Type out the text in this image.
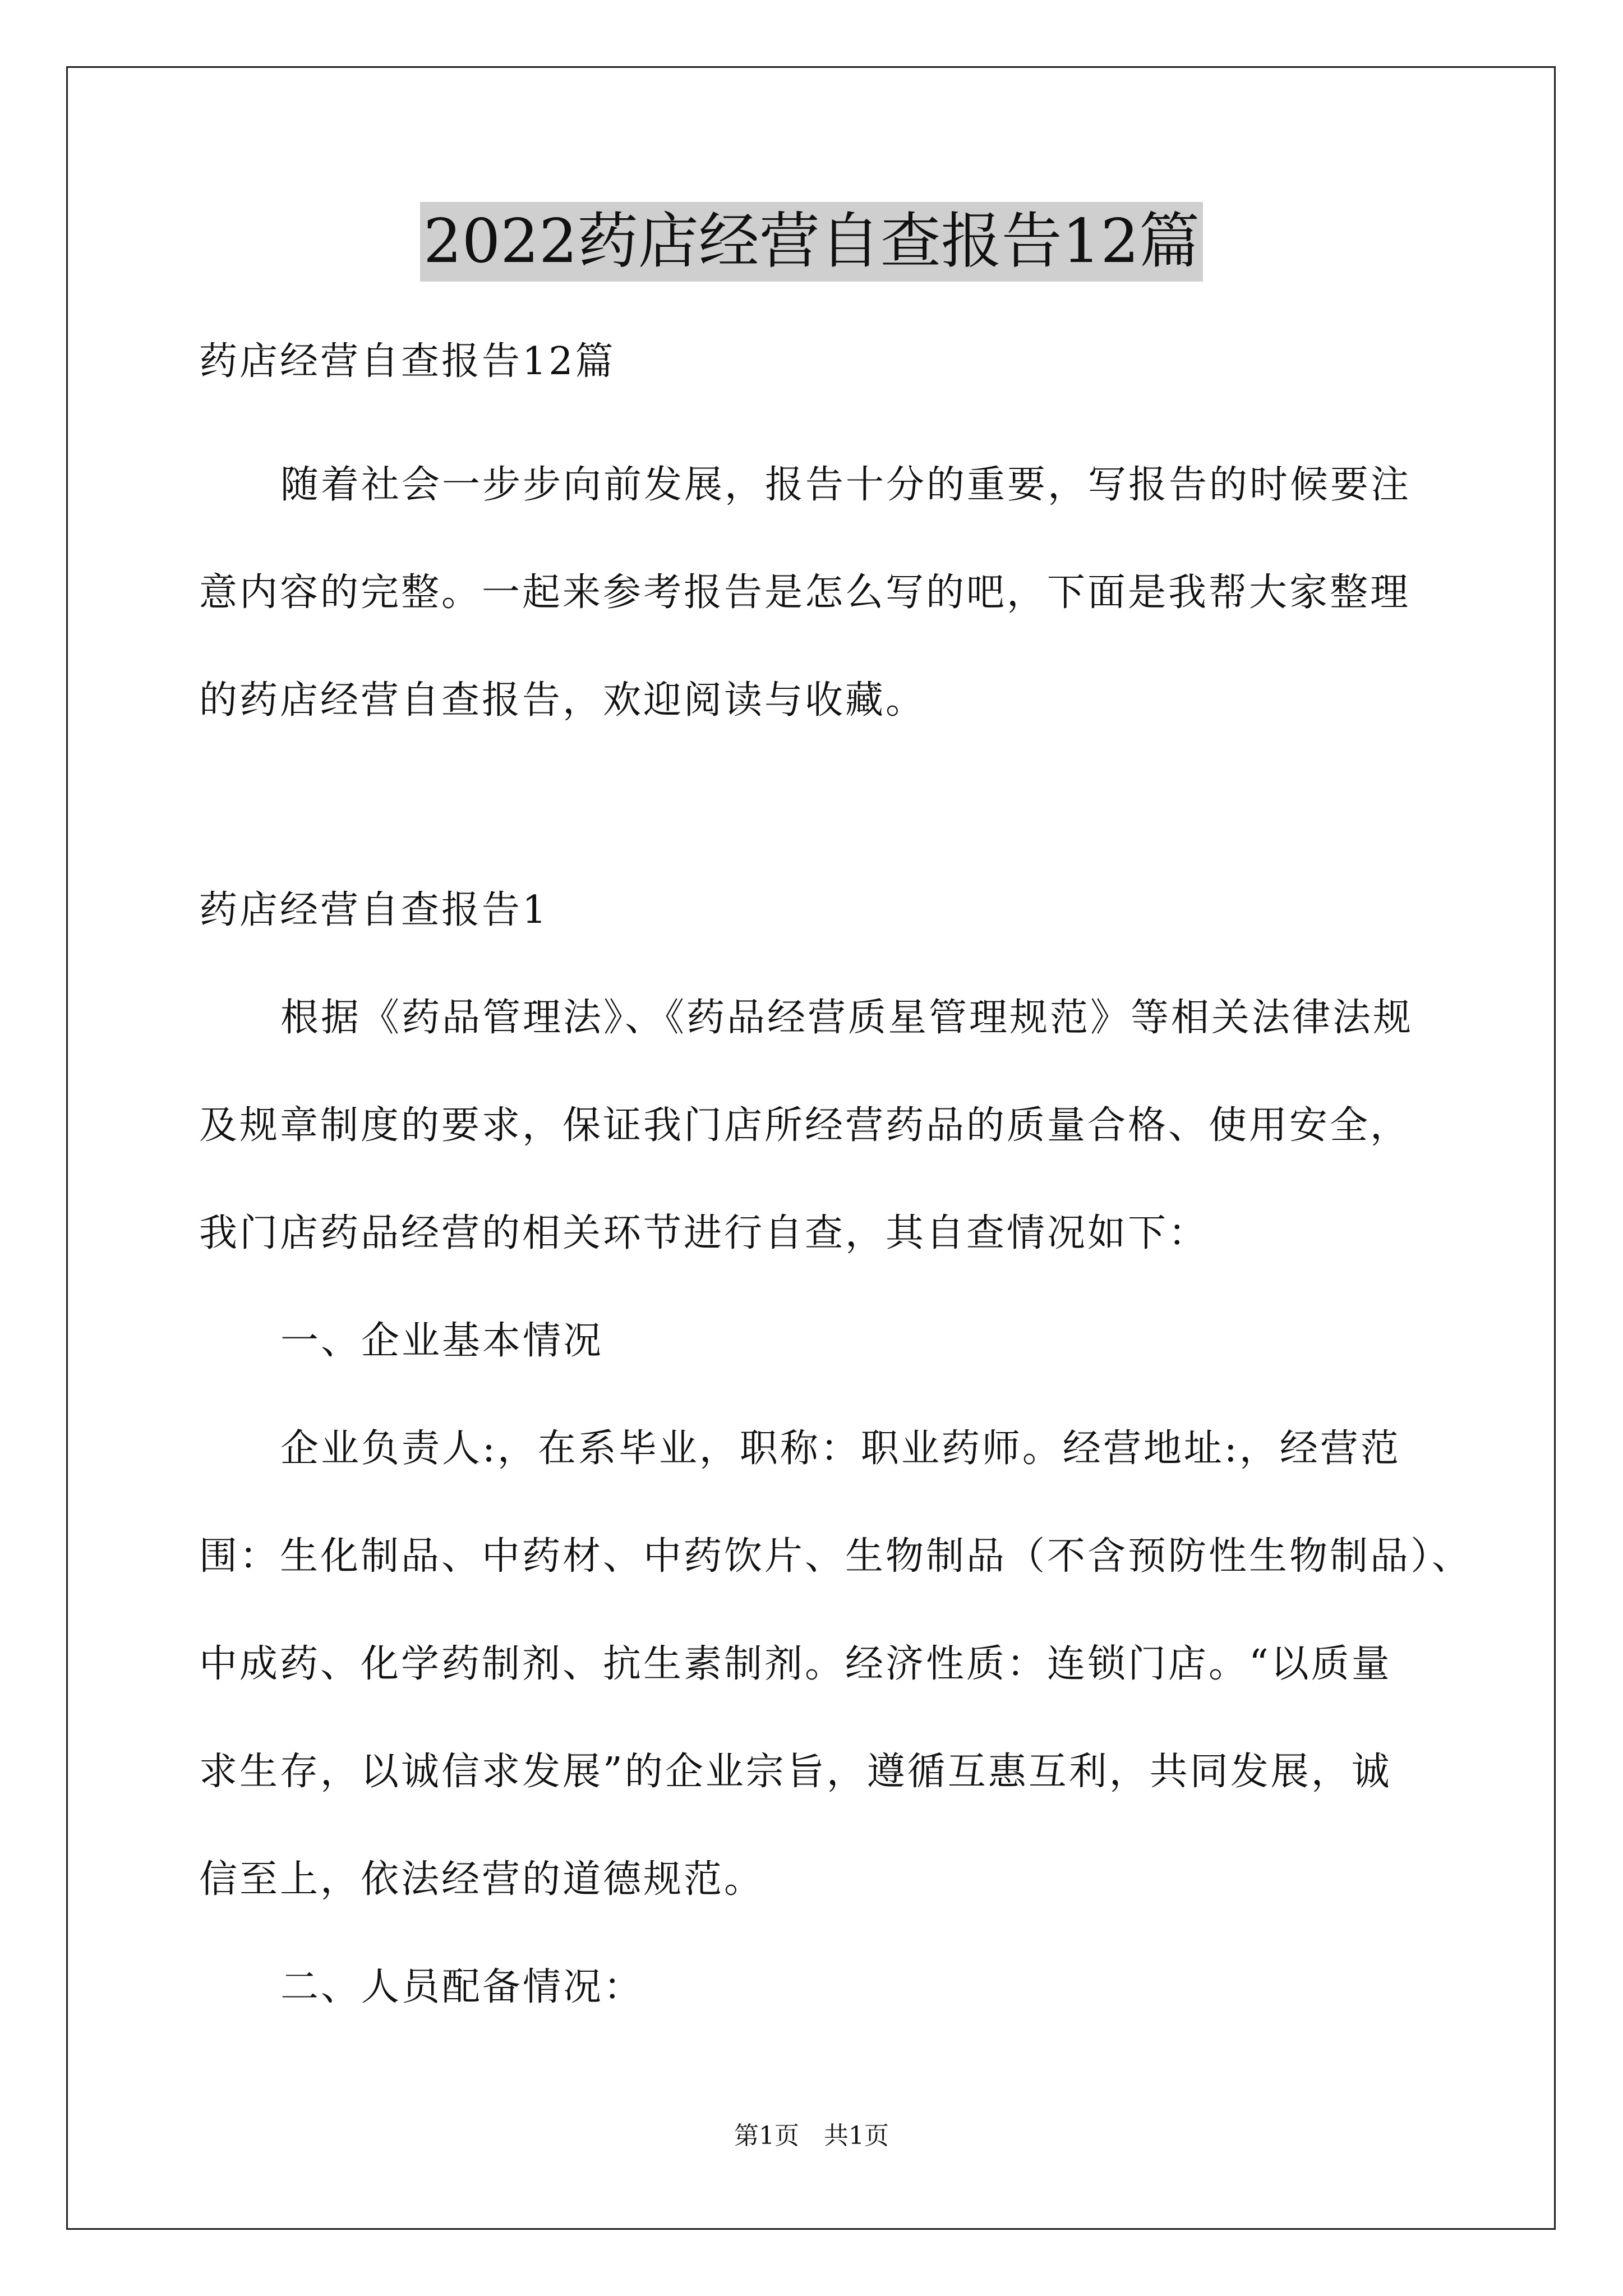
2022药店经营自查报告12篇
药店经营自查报告12篇
随着社会一步步向前发展，报告十分的重要，写报告的时候要注
意内容的完整。一起来参考报告是怎么写的吧，下面是我帮大家整理
的药店经营自查报告，欢迎阅读与收藏。
药店经营自查报告1
根据《药品管理法》、《药品经营质星管理规范》等相关法律法规
及规章制度的要求，保证我门店所经营药品的质量合格、使用安全，
我门店药品经营的相关环节进行自查，其自查情况如下：
一、企业基本情况
企业负责人:，在系毕业，职称：职业药师。经营地址:，经营范
围：生化制品、中药材、中药饮片、生物制品（不含预防性生物制品）、
中成药、化学药制剂、抗生素制剂。经济性质：连锁门店。“以质量
求生存，以诚信求发展”的企业宗旨，遵循互惠互利，共同发展，诚
信至上，依法经营的道德规范。
二、人员配备情况：
第1页　共1页
